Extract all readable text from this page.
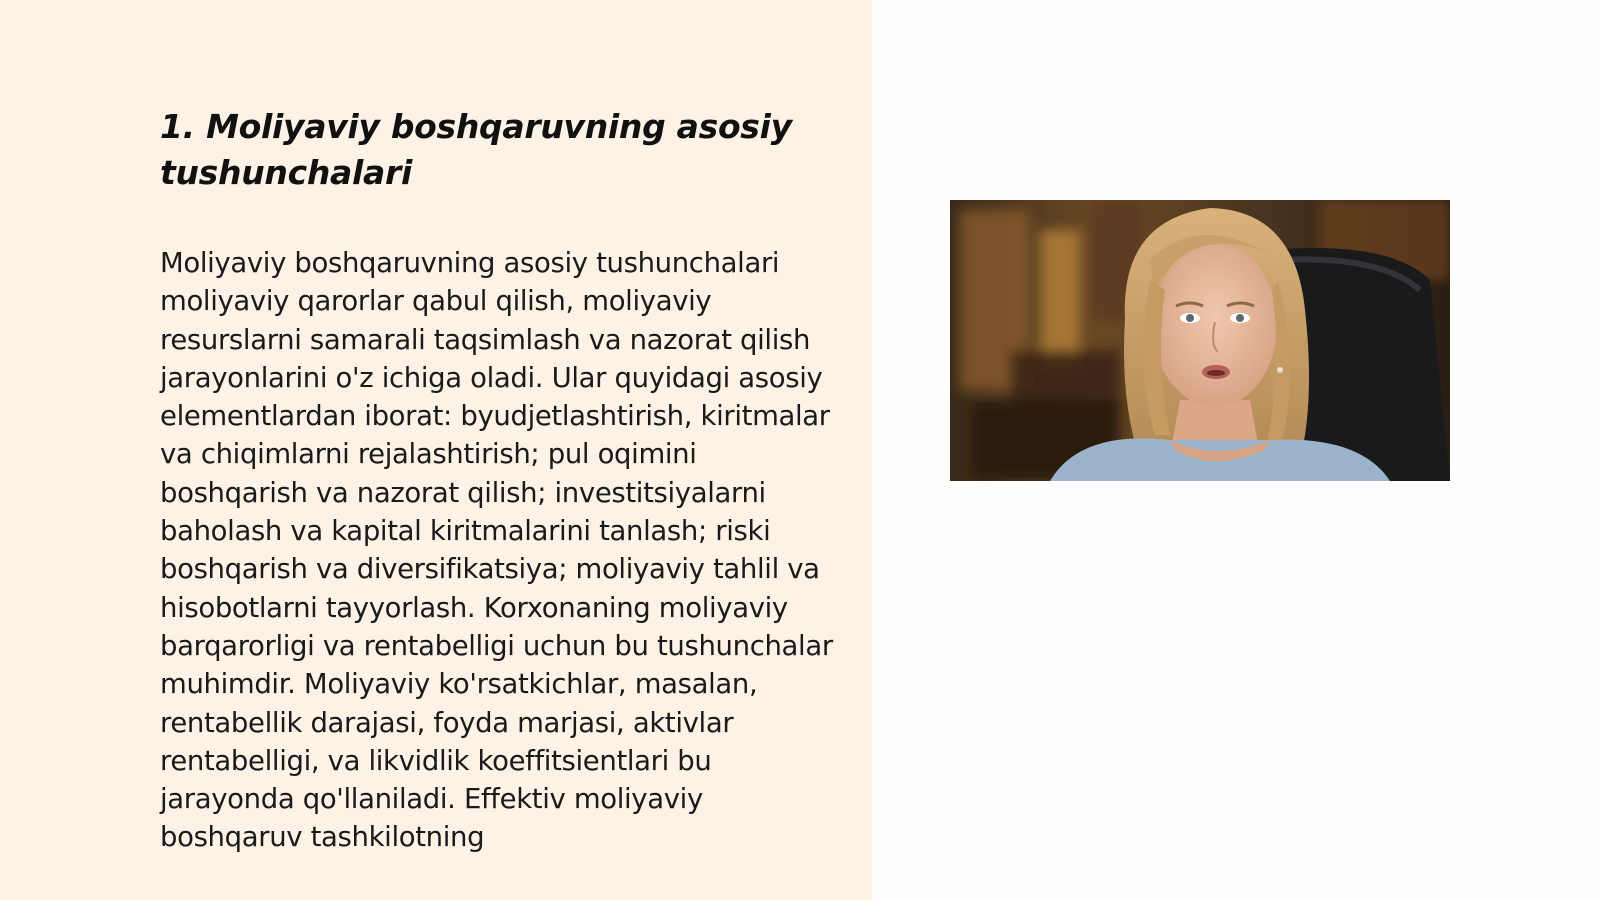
1. Moliyaviy boshqaruvning asosiy tushunchalari

Moliyaviy boshqaruvning asosiy tushunchalari moliyaviy qarorlar qabul qilish, moliyaviy resurslarni samarali taqsimlash va nazorat qilish jarayonlarini o'z ichiga oladi. Ular quyidagi asosiy elementlardan iborat: byudjetlashtirish, kiritmalar va chiqimlarni rejalashtirish; pul oqimini boshqarish va nazorat qilish; investitsiyalarni baholash va kapital kiritmalarini tanlash; riski boshqarish va diversifikatsiya; moliyaviy tahlil va hisobotlarni tayyorlash. Korxonaning moliyaviy barqarorligi va rentabelligi uchun bu tushunchalar muhimdir. Moliyaviy ko'rsatkichlar, masalan, rentabellik darajasi, foyda marjasi, aktivlar rentabelligi, va likvidlik koeffitsientlari bu jarayonda qo'llaniladi. Effektiv moliyaviy boshqaruv tashkilotning
